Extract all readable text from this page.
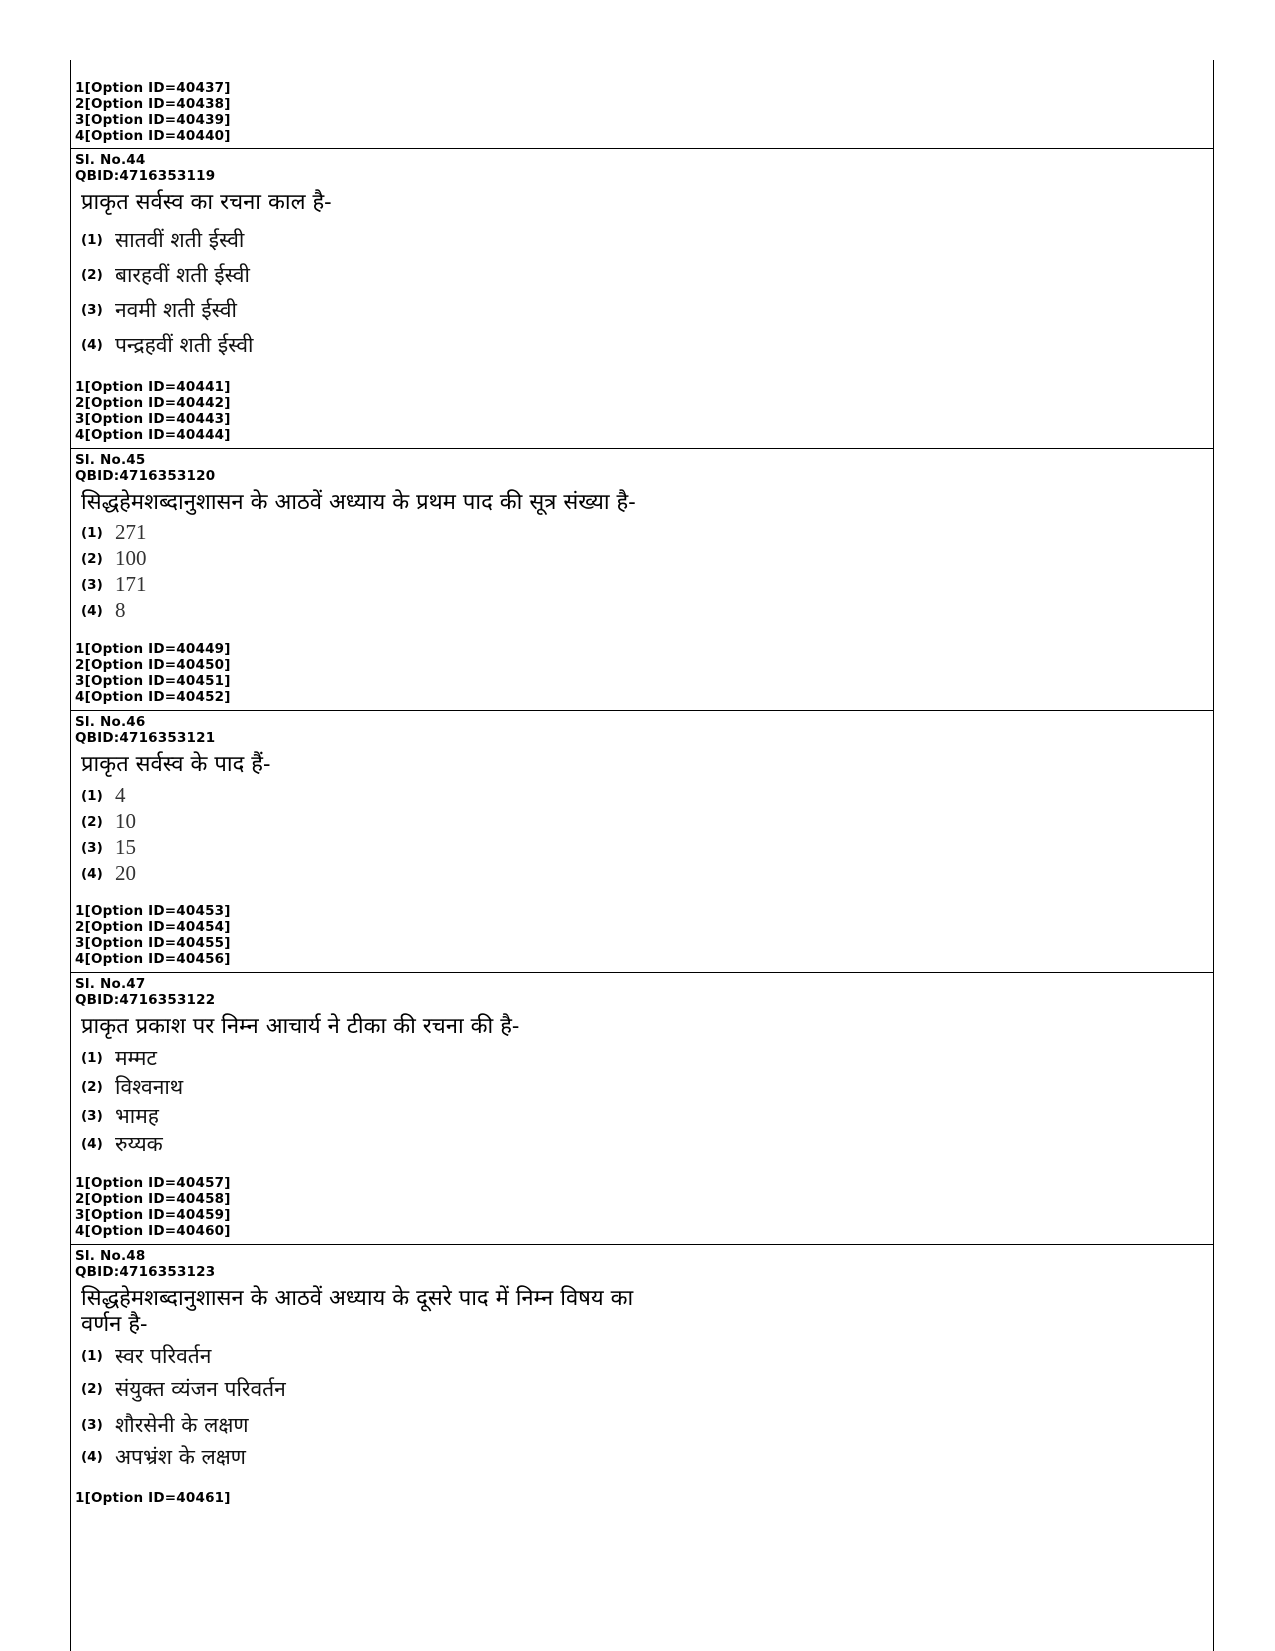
1[Option ID=40437]
2[Option ID=40438]
3[Option ID=40439]
4[Option ID=40440]
Sl. No.44
QBID:4716353119
प्राकृत सर्वस्व का रचना काल है-
(1) सातवीं शती ईस्वी
(2) बारहवीं शती ईस्वी
(3) नवमी शती ईस्वी
(4) पन्द्रहवीं शती ईस्वी
1[Option ID=40441]
2[Option ID=40442]
3[Option ID=40443]
4[Option ID=40444]
Sl. No.45
QBID:4716353120
सिद्धहेमशब्दानुशासन के आठवें अध्याय के प्रथम पाद की सूत्र संख्या है-
(1) 271
(2) 100
(3) 171
(4) 8
1[Option ID=40449]
2[Option ID=40450]
3[Option ID=40451]
4[Option ID=40452]
Sl. No.46
QBID:4716353121
प्राकृत सर्वस्व के पाद हैं-
(1) 4
(2) 10
(3) 15
(4) 20
1[Option ID=40453]
2[Option ID=40454]
3[Option ID=40455]
4[Option ID=40456]
Sl. No.47
QBID:4716353122
प्राकृत प्रकाश पर निम्न आचार्य ने टीका की रचना की है-
(1) मम्मट
(2) विश्वनाथ
(3) भामह
(4) रुय्यक
1[Option ID=40457]
2[Option ID=40458]
3[Option ID=40459]
4[Option ID=40460]
Sl. No.48
QBID:4716353123
सिद्धहेमशब्दानुशासन के आठवें अध्याय के दूसरे पाद में निम्न विषय का वर्णन है-
(1) स्वर परिवर्तन
(2) संयुक्त व्यंजन परिवर्तन
(3) शौरसेनी के लक्षण
(4) अपभ्रंश के लक्षण
1[Option ID=40461]
